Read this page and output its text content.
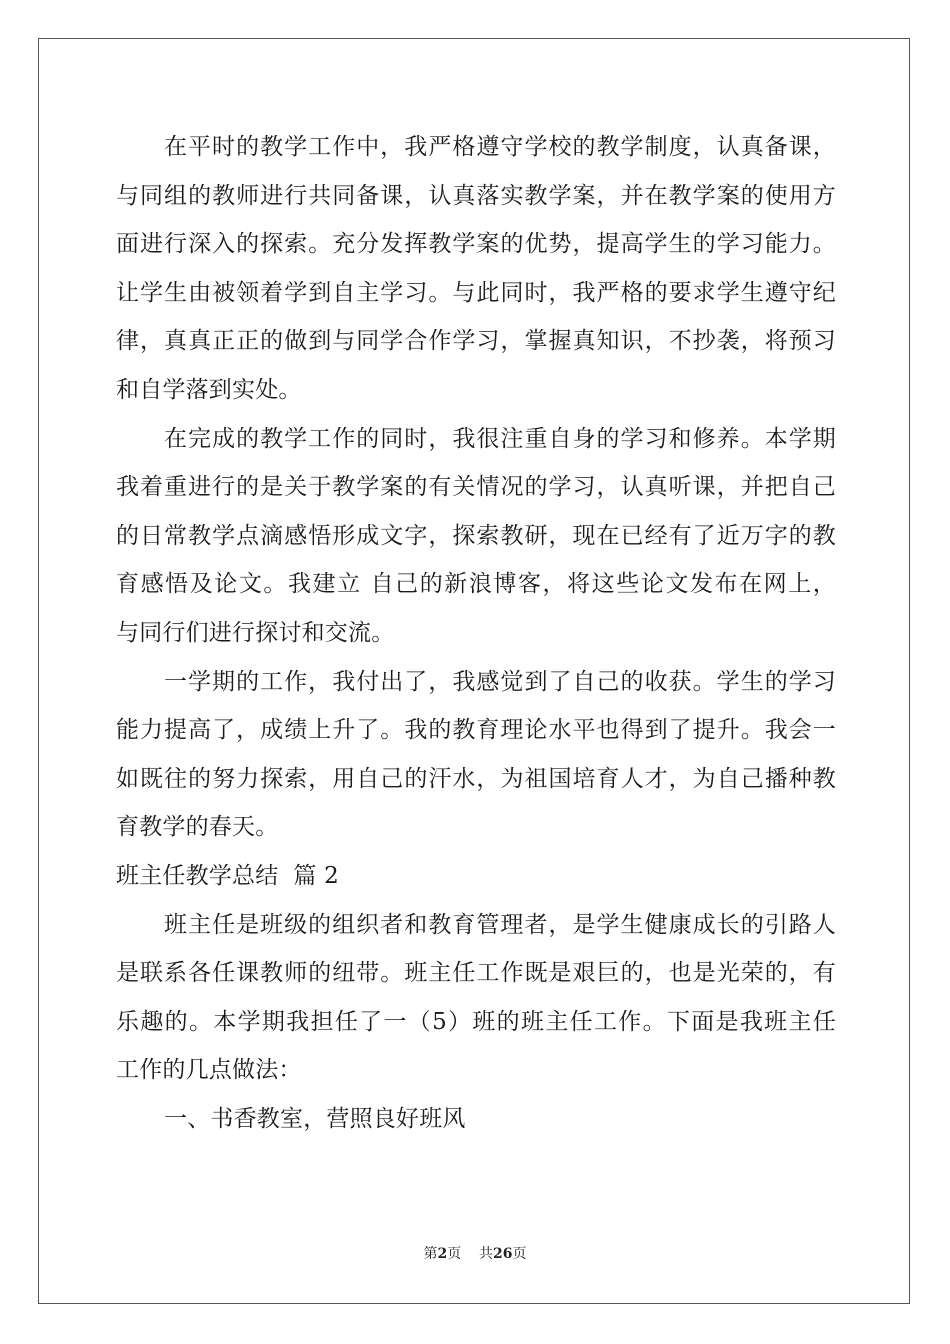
在平时的教学工作中，我严格遵守学校的教学制度，认真备课，
与同组的教师进行共同备课，认真落实教学案，并在教学案的使用方
面进行深入的探索。充分发挥教学案的优势，提高学生的学习能力。
让学生由被领着学到自主学习。与此同时，我严格的要求学生遵守纪
律，真真正正的做到与同学合作学习，掌握真知识，不抄袭，将预习
和自学落到实处。
在完成的教学工作的同时，我很注重自身的学习和修养。本学期
我着重进行的是关于教学案的有关情况的学习，认真听课，并把自己
的日常教学点滴感悟形成文字，探索教研，现在已经有了近万字的教
育感悟及论文。我建立 自己的新浪博客，将这些论文发布在网上，
与同行们进行探讨和交流。
一学期的工作，我付出了，我感觉到了自己的收获。学生的学习
能力提高了，成绩上升了。我的教育理论水平也得到了提升。我会一
如既往的努力探索，用自己的汗水，为祖国培育人才，为自己播种教
育教学的春天。
班主任教学总结  篇 2
班主任是班级的组织者和教育管理者，是学生健康成长的引路人
是联系各任课教师的纽带。班主任工作既是艰巨的，也是光荣的，有
乐趣的。本学期我担任了一（5）班的班主任工作。下面是我班主任
工作的几点做法：
一、书香教室，营照良好班风
第2页 共26页
